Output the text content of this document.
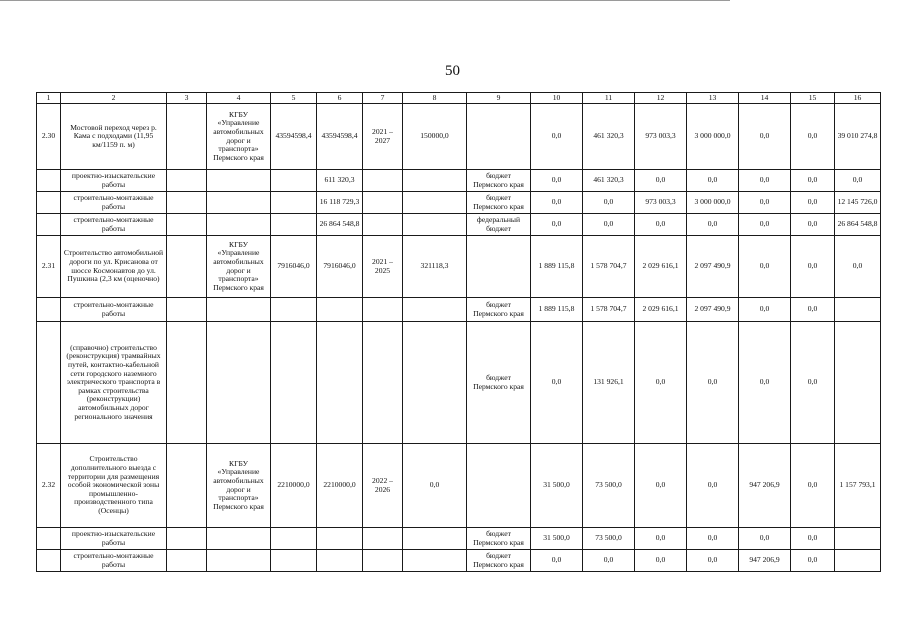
50
1	2	3	4	5	6	7	8	9	10	11	12	13	14	15	16
2.30	Мостовой переход через р. Кама с подходами (11,95 км/1159 п. м)		КГБУ «Управление автомобильных дорог и транспорта» Пермского края	43594598,4	43594598,4	2021 – 2027	150000,0		0,0	461 320,3	973 003,3	3 000 000,0	0,0	0,0	39 010 274,8
	проектно-изыскательские работы				611 320,3			бюджет Пермского края	0,0	461 320,3	0,0	0,0	0,0	0,0	0,0
	строительно-монтажные работы				16 118 729,3			бюджет Пермского края	0,0	0,0	973 003,3	3 000 000,0	0,0	0,0	12 145 726,0
	строительно-монтажные работы				26 864 548,8			федеральный бюджет	0,0	0,0	0,0	0,0	0,0	0,0	26 864 548,8
2.31	Строительство автомобильной дороги по ул. Крисанова от шоссе Космонавтов до ул. Пушкина (2,3 км (оценочно)		КГБУ «Управление автомобильных дорог и транспорта» Пермского края	7916046,0	7916046,0	2021 – 2025	321118,3		1 889 115,8	1 578 704,7	2 029 616,1	2 097 490,9	0,0	0,0	0,0
	строительно-монтажные работы							бюджет Пермского края	1 889 115,8	1 578 704,7	2 029 616,1	2 097 490,9	0,0	0,0	
	(справочно) строительство (реконструкция) трамвайных путей, контактно-кабельной сети городского наземного электрического транспорта в рамках строительства (реконструкции) автомобильных дорог регионального значения							бюджет Пермского края	0,0	131 926,1	0,0	0,0	0,0	0,0	
2.32	Строительство дополнительного выезда с территории для размещения особой экономической зоны промышленно-производственного типа (Осенцы)		КГБУ «Управление автомобильных дорог и транспорта» Пермского края	2210000,0	2210000,0	2022 – 2026	0,0		31 500,0	73 500,0	0,0	0,0	947 206,9	0,0	1 157 793,1
	проектно-изыскательские работы							бюджет Пермского края	31 500,0	73 500,0	0,0	0,0	0,0	0,0	
	строительно-монтажные работы							бюджет Пермского края	0,0	0,0	0,0	0,0	947 206,9	0,0	
